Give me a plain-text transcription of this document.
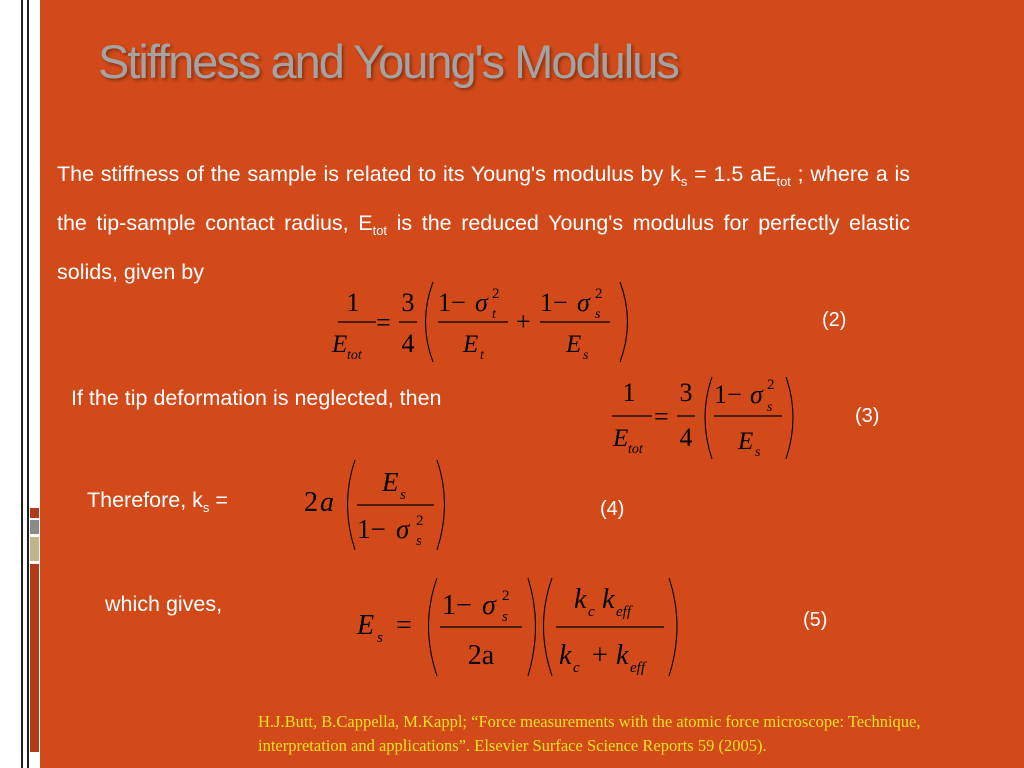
Stiffness and Young's Modulus
The stiffness of the sample is related to its Young's modulus by $k_s = 1.5$ $aE_{tot}$ ; where a is the tip-sample contact radius, $E_{tot}$ is the reduced Young's modulus for perfectly elastic solids, given by
1
E tot
=
3
4
1− σ 2
t
E t
+
1− σ 2
s
E s
(2)
If the tip deformation is neglected, then	1
E tot
=
3
4
1− σ 2
s
E s
(3)
Therefore, $k_s$ =	2 a
E s
1− σ 2
s
(4)
which gives,
E s =
1− σ 2
s
2a
k c k eff
k c + k eff
(5)
H.J.Butt, B.Cappella, M.Kappl; “Force measurements with the atomic force microscope: Technique, interpretation and applications”. Elsevier Surface Science Reports 59 (2005).
